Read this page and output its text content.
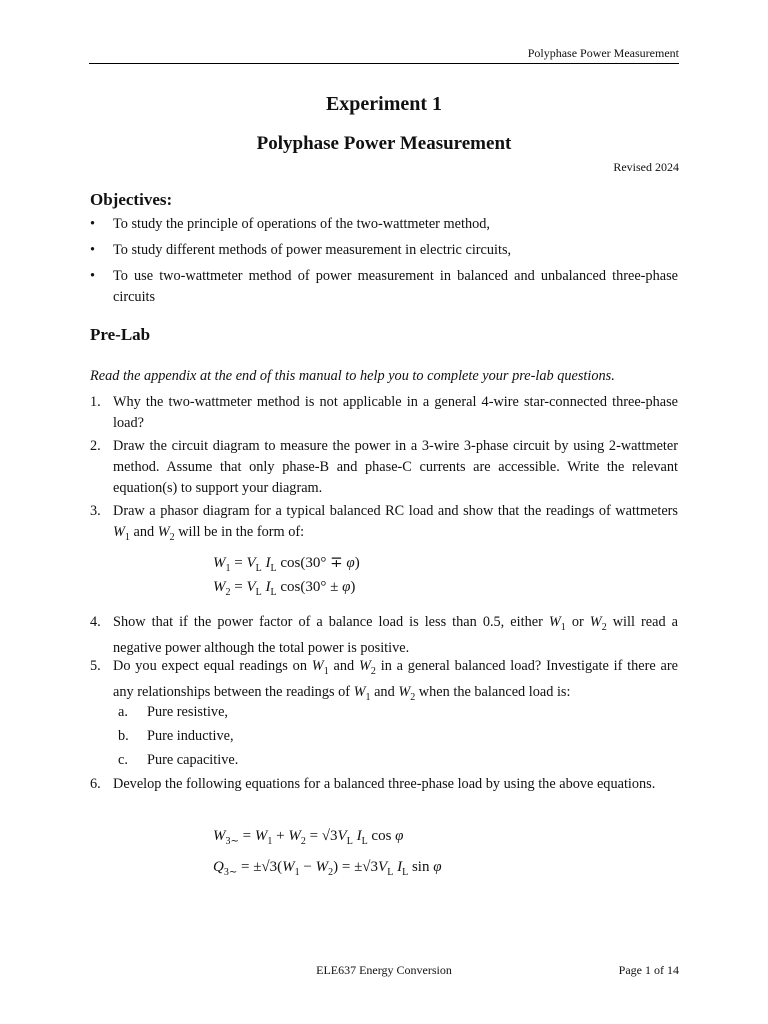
Polyphase Power Measurement
Experiment 1
Polyphase Power Measurement
Revised 2024
Objectives:
•	To study the principle of operations of the two-wattmeter method,
•	To study different methods of power measurement in electric circuits,
•	To use two-wattmeter method of power measurement in balanced and unbalanced three-phase circuits
Pre-Lab
Read the appendix at the end of this manual to help you to complete your pre-lab questions.
1. Why the two-wattmeter method is not applicable in a general 4-wire star-connected three-phase load?
2. Draw the circuit diagram to measure the power in a 3-wire 3-phase circuit by using 2-wattmeter method. Assume that only phase-B and phase-C currents are accessible. Write the relevant equation(s) to support your diagram.
3. Draw a phasor diagram for a typical balanced RC load and show that the readings of wattmeters $W_1$ and $W_2$ will be in the form of:
$W_1 = V_L$ $I_L$ cos(30° ∓ φ)
$W_2 = V_L$ $I_L$ cos(30° ± φ)
4. Show that if the power factor of a balance load is less than 0.5, either $W_1$ or $W_2$ will read a negative power although the total power is positive.
5. Do you expect equal readings on $W_1$ and $W_2$ in a general balanced load? Investigate if there are any relationships between the readings of $W_1$ and $W_2$ when the balanced load is:
a. Pure resistive,
b. Pure inductive,
c. Pure capacitive.
6. Develop the following equations for a balanced three-phase load by using the above equations.
$W_{3\sim} = W_1 + W_2 = √3V_L$ $I_L$ cos φ
$Q_{3\sim} = \pm√3(W_1 - W_2) = \pm√3V_L$ $I_L$ sin φ
ELE637 Energy Conversion	Page 1 of 14
